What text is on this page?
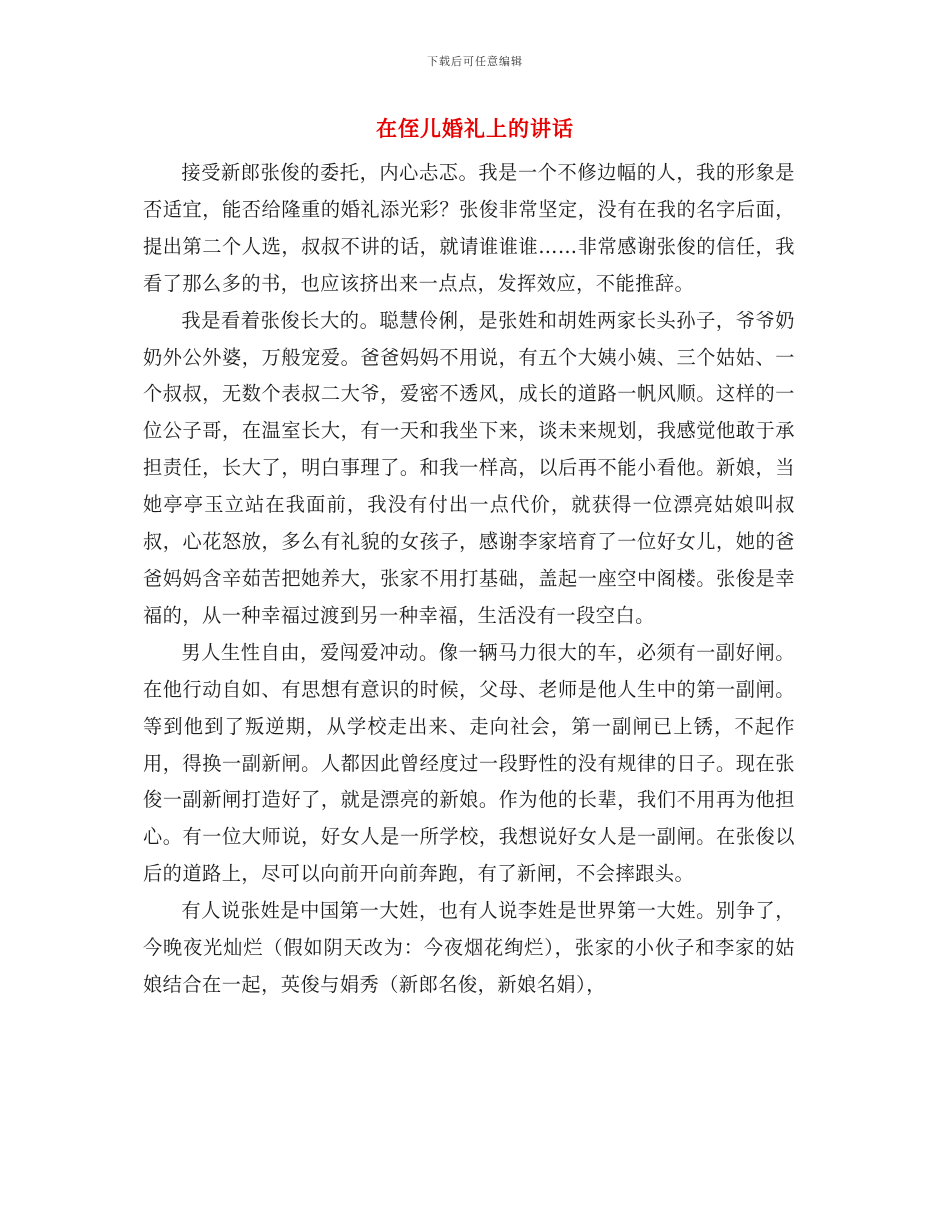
下载后可任意编辑
在侄儿婚礼上的讲话

接受新郎张俊的委托，内心忐忑。我是一个不修边幅的人，我的形象是否适宜，能否给隆重的婚礼添光彩？张俊非常坚定，没有在我的名字后面，提出第二个人选，叔叔不讲的话，就请谁谁谁……非常感谢张俊的信任，我看了那么多的书，也应该挤出来一点点，发挥效应，不能推辞。

我是看着张俊长大的。聪慧伶俐，是张姓和胡姓两家长头孙子，爷爷奶奶外公外婆，万般宠爱。爸爸妈妈不用说，有五个大姨小姨、三个姑姑、一个叔叔，无数个表叔二大爷，爱密不透风，成长的道路一帆风顺。这样的一位公子哥，在温室长大，有一天和我坐下来，谈未来规划，我感觉他敢于承担责任，长大了，明白事理了。和我一样高，以后再不能小看他。新娘，当她亭亭玉立站在我面前，我没有付出一点代价，就获得一位漂亮姑娘叫叔叔，心花怒放，多么有礼貌的女孩子，感谢李家培育了一位好女儿，她的爸爸妈妈含辛茹苦把她养大，张家不用打基础，盖起一座空中阁楼。张俊是幸福的，从一种幸福过渡到另一种幸福，生活没有一段空白。

男人生性自由，爱闯爱冲动。像一辆马力很大的车，必须有一副好闸。在他行动自如、有思想有意识的时候，父母、老师是他人生中的第一副闸。等到他到了叛逆期，从学校走出来、走向社会，第一副闸已上锈，不起作用，得换一副新闸。人都因此曾经度过一段野性的没有规律的日子。现在张俊一副新闸打造好了，就是漂亮的新娘。作为他的长辈，我们不用再为他担心。有一位大师说，好女人是一所学校，我想说好女人是一副闸。在张俊以后的道路上，尽可以向前开向前奔跑，有了新闸，不会摔跟头。

有人说张姓是中国第一大姓，也有人说李姓是世界第一大姓。别争了，今晚夜光灿烂（假如阴天改为：今夜烟花绚烂），张家的小伙子和李家的姑娘结合在一起，英俊与娟秀（新郎名俊，新娘名娟），
